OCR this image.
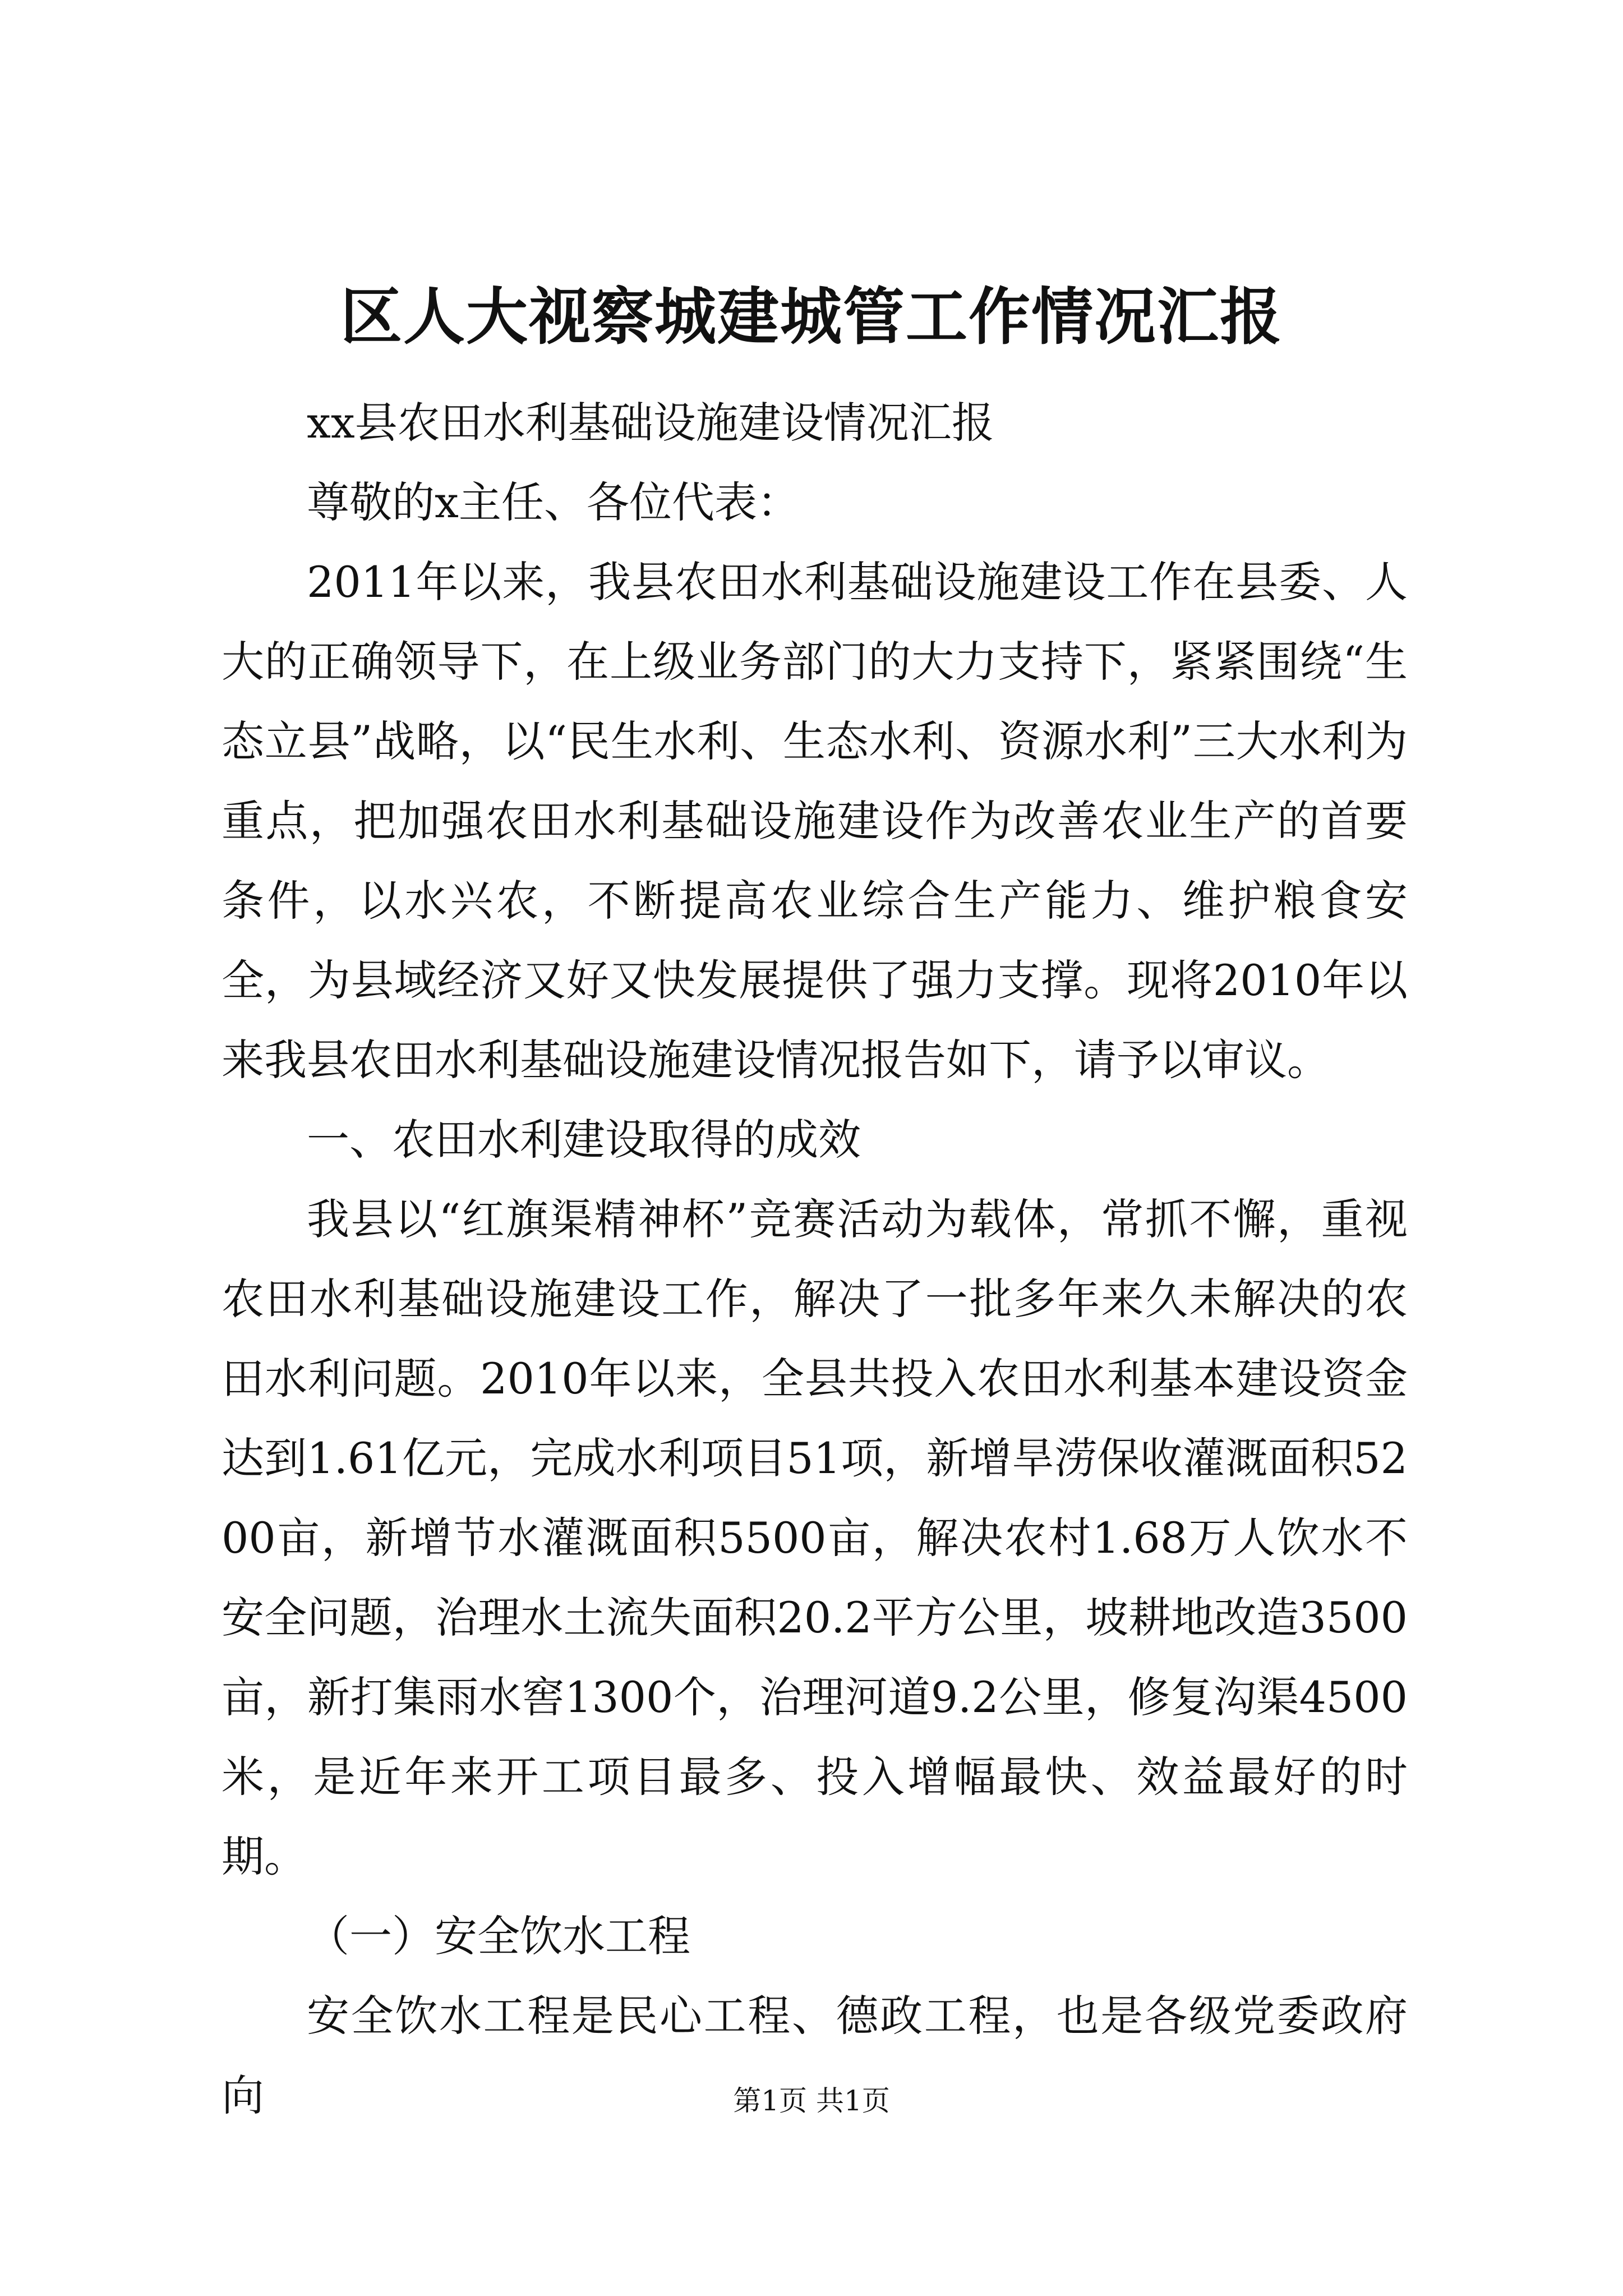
区人大视察城建城管工作情况汇报

xx县农田水利基础设施建设情况汇报

尊敬的x主任、各位代表：

2011年以来，我县农田水利基础设施建设工作在县委、人大的正确领导下，在上级业务部门的大力支持下，紧紧围绕“生态立县”战略，以“民生水利、生态水利、资源水利”三大水利为重点，把加强农田水利基础设施建设作为改善农业生产的首要条件，以水兴农，不断提高农业综合生产能力、维护粮食安全，为县域经济又好又快发展提供了强力支撑。现将2010年以来我县农田水利基础设施建设情况报告如下，请予以审议。

一、农田水利建设取得的成效

我县以“红旗渠精神杯”竞赛活动为载体，常抓不懈，重视农田水利基础设施建设工作，解决了一批多年来久未解决的农田水利问题。2010年以来，全县共投入农田水利基本建设资金达到1.61亿元，完成水利项目51项，新增旱涝保收灌溉面积5200亩，新增节水灌溉面积5500亩，解决农村1.68万人饮水不安全问题，治理水土流失面积20.2平方公里，坡耕地改造3500亩，新打集雨水窖1300个，治理河道9.2公里，修复沟渠4500米，是近年来开工项目最多、投入增幅最快、效益最好的时期。

（一）安全饮水工程

安全饮水工程是民心工程、德政工程，也是各级党委政府向	第1页 共1页
